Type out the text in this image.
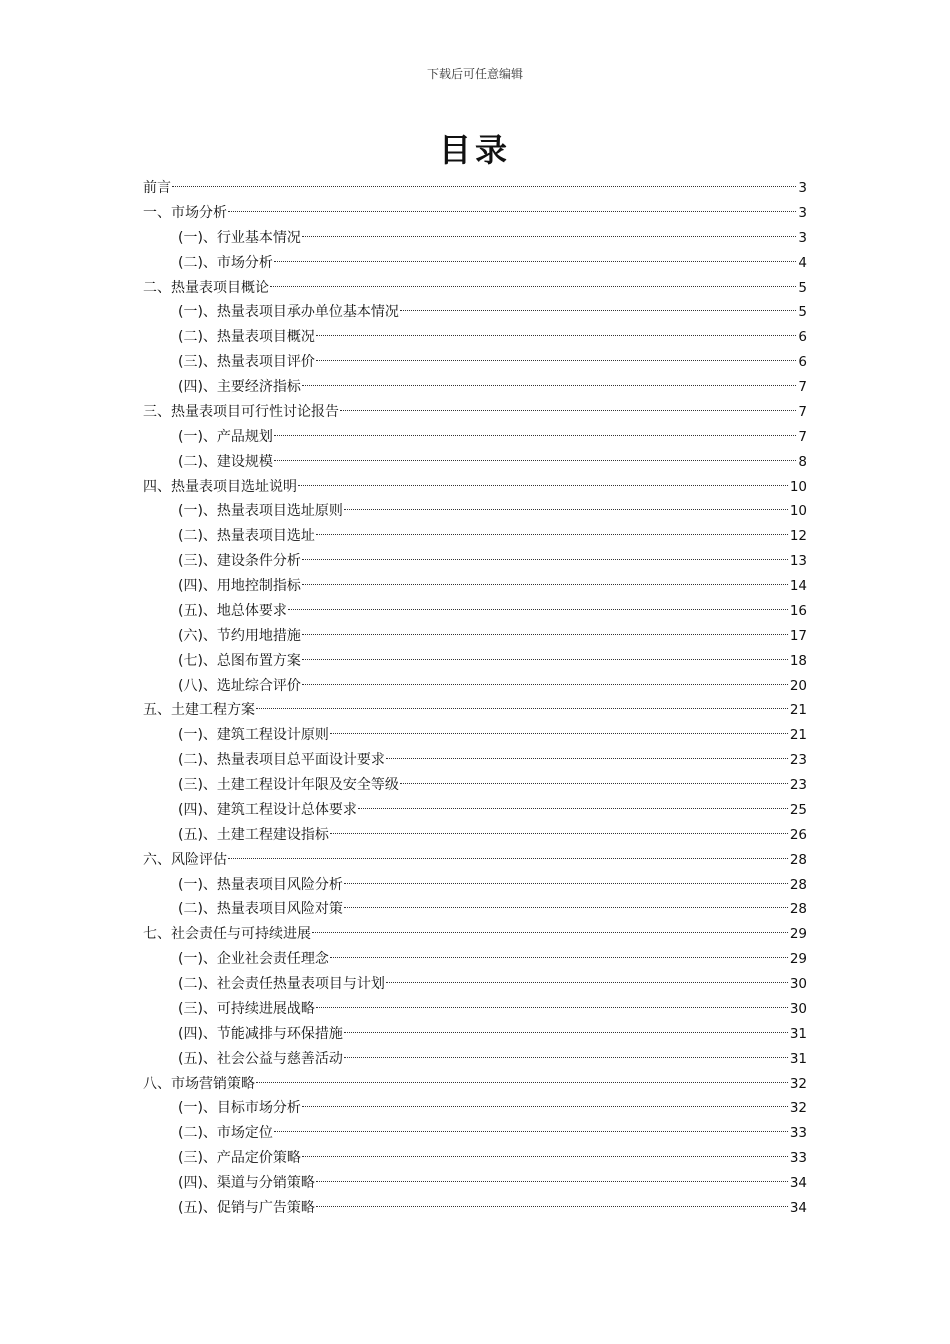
下载后可任意编辑
目录
前言	3
一、市场分析	3
(一)、行业基本情况	3
(二)、市场分析	4
二、热量表项目概论	5
(一)、热量表项目承办单位基本情况	5
(二)、热量表项目概况	6
(三)、热量表项目评价	6
(四)、主要经济指标	7
三、热量表项目可行性讨论报告	7
(一)、产品规划	7
(二)、建设规模	8
四、热量表项目选址说明	10
(一)、热量表项目选址原则	10
(二)、热量表项目选址	12
(三)、建设条件分析	13
(四)、用地控制指标	14
(五)、地总体要求	16
(六)、节约用地措施	17
(七)、总图布置方案	18
(八)、选址综合评价	20
五、土建工程方案	21
(一)、建筑工程设计原则	21
(二)、热量表项目总平面设计要求	23
(三)、土建工程设计年限及安全等级	23
(四)、建筑工程设计总体要求	25
(五)、土建工程建设指标	26
六、风险评估	28
(一)、热量表项目风险分析	28
(二)、热量表项目风险对策	28
七、社会责任与可持续进展	29
(一)、企业社会责任理念	29
(二)、社会责任热量表项目与计划	30
(三)、可持续进展战略	30
(四)、节能减排与环保措施	31
(五)、社会公益与慈善活动	31
八、市场营销策略	32
(一)、目标市场分析	32
(二)、市场定位	33
(三)、产品定价策略	33
(四)、渠道与分销策略	34
(五)、促销与广告策略	34
